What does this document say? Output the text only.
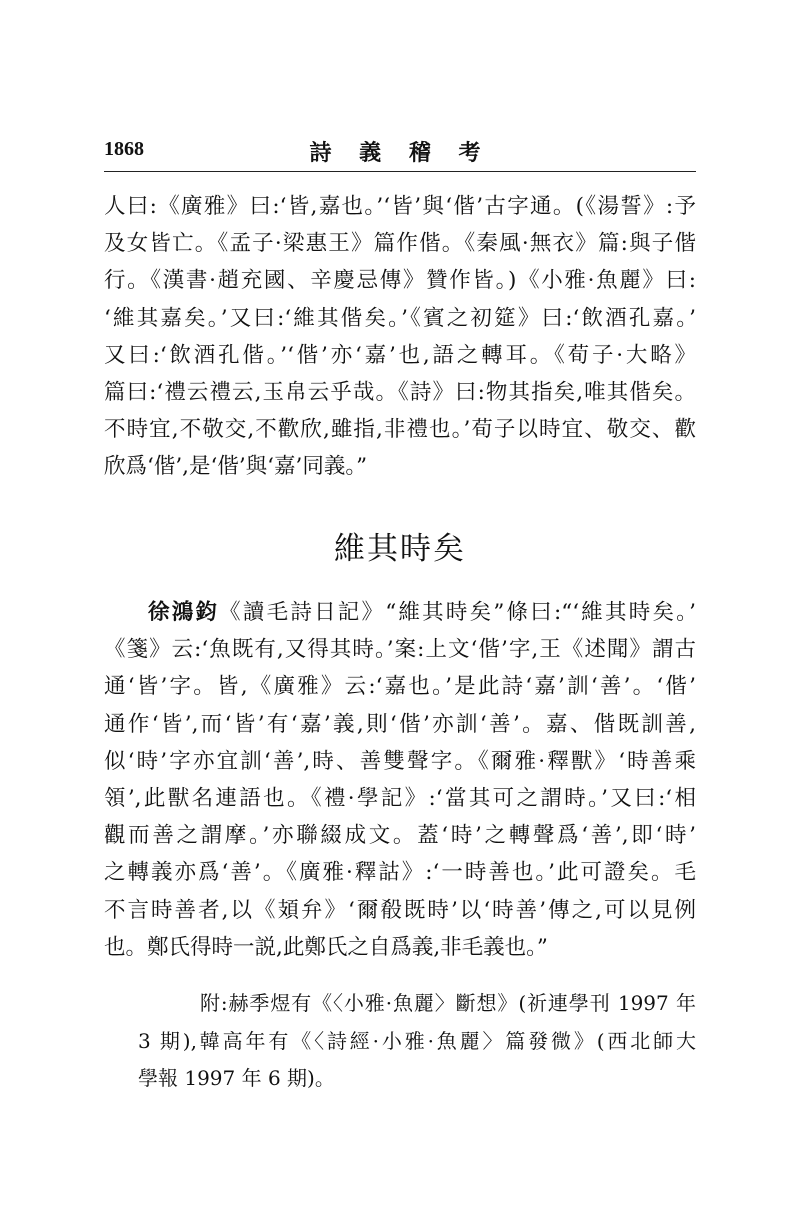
1868	詩 義 稽 考
人曰:《廣雅》曰:‘皆,嘉也。’‘皆’與‘偕’古字通。(《湯誓》:予
及女皆亡。《孟子·梁惠王》篇作偕。《秦風·無衣》篇:與子偕
行。《漢書·趙充國、辛慶忌傳》贊作皆。)《小雅·魚麗》曰:
‘維其嘉矣。’又曰:‘維其偕矣。’《賓之初筵》曰:‘飲酒孔嘉。’
又曰:‘飲酒孔偕。’‘偕’亦‘嘉’也,語之轉耳。《荀子·大略》
篇曰:‘禮云禮云,玉帛云乎哉。《詩》曰:物其指矣,唯其偕矣。
不時宜,不敬交,不歡欣,雖指,非禮也。’荀子以時宜、敬交、歡
欣爲‘偕’,是‘偕’與‘嘉’同義。”
維其時矣
徐鴻鈞《讀毛詩日記》“維其時矣”條曰:“‘維其時矣。’
《箋》云:‘魚既有,又得其時。’案:上文‘偕’字,王《述聞》謂古
通‘皆’字。皆,《廣雅》云:‘嘉也。’是此詩‘嘉’訓‘善’。‘偕’
通作‘皆’,而‘皆’有‘嘉’義,則‘偕’亦訓‘善’。嘉、偕既訓善,
似‘時’字亦宜訓‘善’,時、善雙聲字。《爾雅·釋獸》‘時善乘
領’,此獸名連語也。《禮·學記》:‘當其可之謂時。’又曰:‘相
觀而善之謂摩。’亦聯綴成文。蓋‘時’之轉聲爲‘善’,即‘時’
之轉義亦爲‘善’。《廣雅·釋詁》:‘一時善也。’此可證矣。毛
不言時善者,以《頍弁》‘爾殽既時’以‘時善’傳之,可以見例
也。鄭氏得時一説,此鄭氏之自爲義,非毛義也。”
附:赫季煜有《〈小雅·魚麗〉斷想》(祈連學刊 1997 年
3 期),韓高年有《〈詩經·小雅·魚麗〉篇發微》(西北師大
學報 1997 年 6 期)。
